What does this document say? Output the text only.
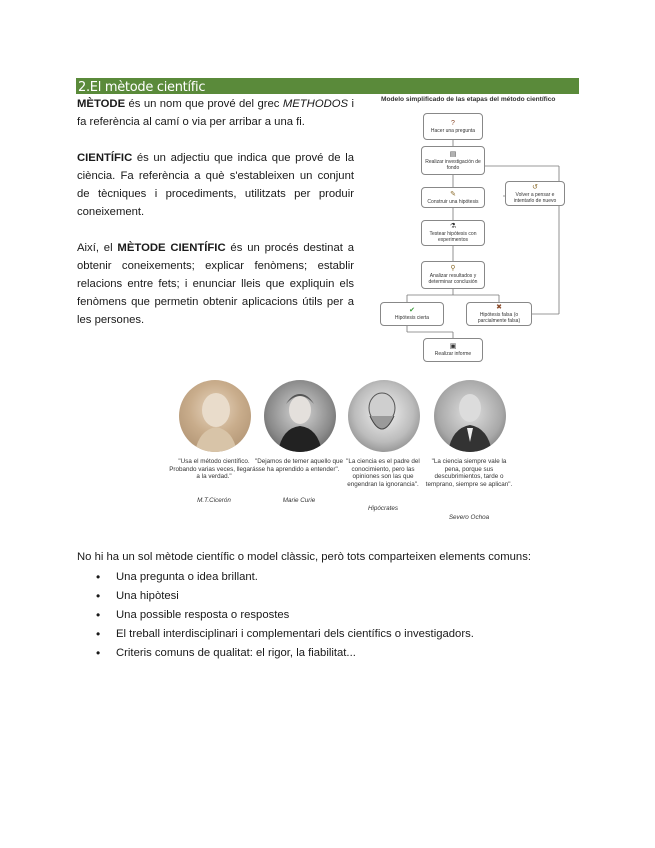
2.El mètode científic
MÈTODE és un nom que prové del grec METHODOS i fa referència al camí o via per arribar a una fi.
CIENTÍFIC és un adjectiu que indica que prové de la ciència. Fa referència a què s'estableixen un conjunt de tècniques i procediments, utilitzats per produir coneixement.
Així, el MÈTODE CIENTÍFIC és un procés destinat a obtenir coneixements; explicar fenòmens; establir relacions entre fets; i enunciar lleis que expliquin els fenòmens que permetin obtenir aplicacions útils per a les persones.
Modelo simplificado de las etapas del método científico
?
Hacer una pregunta
▤
Realizar investigación de fondo
✎
Construir una hipótesis
⚗
Testear hipótesis con experimentos
⚲
Analizar resultados y determinar conclusión
✔
Hipótesis cierta
✖
Hipótesis falsa (o parcialmente falsa)
▣
Realizar informe
↺
Volver a pensar e intentarlo de nuevo
"Usa el método científico. Probando varias veces, llegarás a la verdad."
M.T.Cicerón
"Dejamos de temer aquello que se ha aprendido a entender".
Marie Curie
"La ciencia es el padre del conocimiento, pero las opiniones son las que engendran la ignorancia".
Hipócrates
"La ciencia siempre vale la pena, porque sus descubrimientos, tarde o temprano, siempre se aplican".
Severo Ochoa
No hi ha un sol mètode científic o model clàssic, però tots comparteixen elements comuns:
• Una pregunta o idea brillant.
• Una hipòtesi
• Una possible resposta o respostes
• El treball interdisciplinari i complementari dels científics o investigadors.
• Criteris comuns de qualitat: el rigor, la fiabilitat...
